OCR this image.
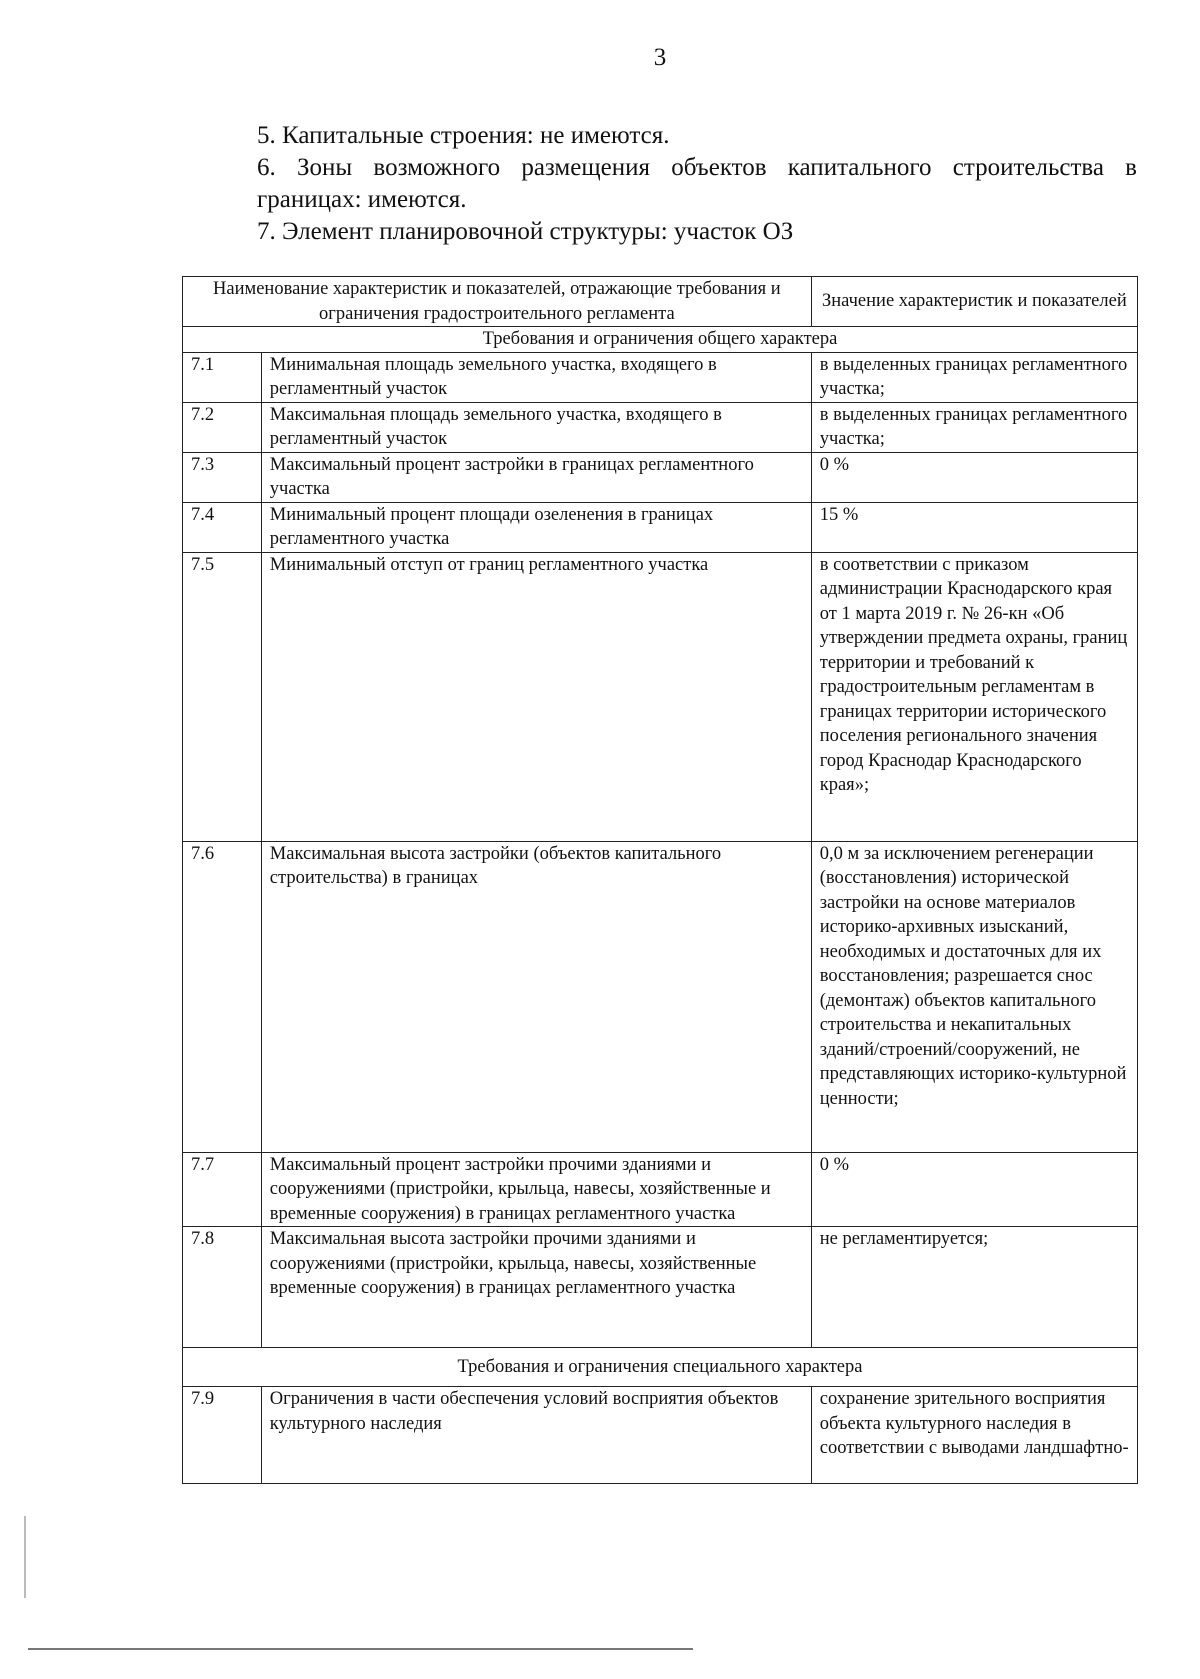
3
5. Капитальные строения: не имеются.
6. Зоны возможного размещения объектов капитального строительства в границах: имеются.
7. Элемент планировочной структуры: участок ОЗ
Наименование характеристик и показателей, отражающие требования и ограничения градостроительного регламента		Значение характеристик и показателей
Требования и ограничения общего характера		
7.1	Минимальная площадь земельного участка, входящего в регламентный участок	в выделенных границах регламентного участка;
7.2	Максимальная площадь земельного участка, входящего в регламентный участок	в выделенных границах регламентного участка;
7.3	Максимальный процент застройки в границах регламентного участка	0 %
7.4	Минимальный процент площади озеленения в границах регламентного участка	15 %
7.5	Минимальный отступ от границ регламентного участка	в соответствии с приказом администрации Краснодарского края от 1 марта 2019 г. № 26-кн «Об утверждении предмета охраны, границ территории и требований к градостроительным регламентам в границах территории исторического поселения регионального значения город Краснодар Краснодарского края»;
7.6	Максимальная высота застройки (объектов капитального строительства) в границах	0,0 м за исключением регенерации (восстановления) исторической застройки на основе материалов историко-архивных изысканий, необходимых и достаточных для их восстановления; разрешается снос (демонтаж) объектов капитального строительства и некапитальных зданий/строений/сооружений, не представляющих историко-культурной ценности;
7.7	Максимальный процент застройки прочими зданиями и сооружениями (пристройки, крыльца, навесы, хозяйственные и временные сооружения) в границах регламентного участка	0 %
7.8	Максимальная высота застройки прочими зданиями и сооружениями (пристройки, крыльца, навесы, хозяйственные временные сооружения) в границах регламентного участка	не регламентируется;
Требования и ограничения специального характера		
7.9	Ограничения в части обеспечения условий восприятия объектов культурного наследия	сохранение зрительного восприятия объекта культурного наследия в соответствии с выводами ландшафтно-
